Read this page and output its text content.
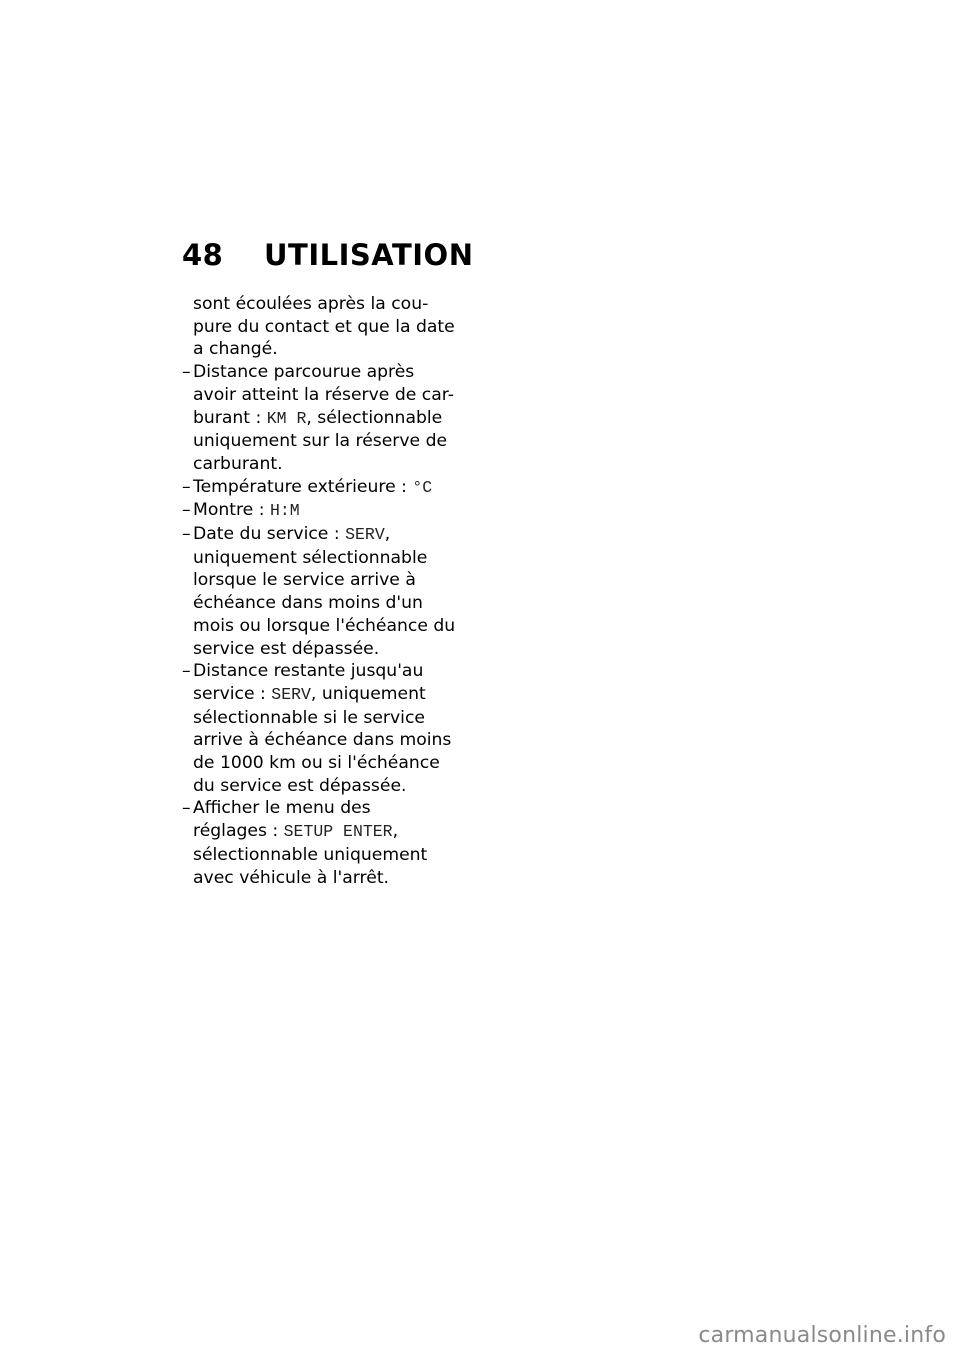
48	UTILISATION
sont écoulées après la cou-
pure du contact et que la date
a changé.
– Distance parcourue après
avoir atteint la réserve de car-
burant : KM R, sélectionnable
uniquement sur la réserve de
carburant.
– Température extérieure : °C
– Montre : H:M
– Date du service : SERV,
uniquement sélectionnable
lorsque le service arrive à
échéance dans moins d'un
mois ou lorsque l'échéance du
service est dépassée.
– Distance restante jusqu'au
service : SERV, uniquement
sélectionnable si le service
arrive à échéance dans moins
de 1000 km ou si l'échéance
du service est dépassée.
– Afficher le menu des
réglages : SETUP ENTER,
sélectionnable uniquement
avec véhicule à l'arrêt.
carmanualsonline.info
